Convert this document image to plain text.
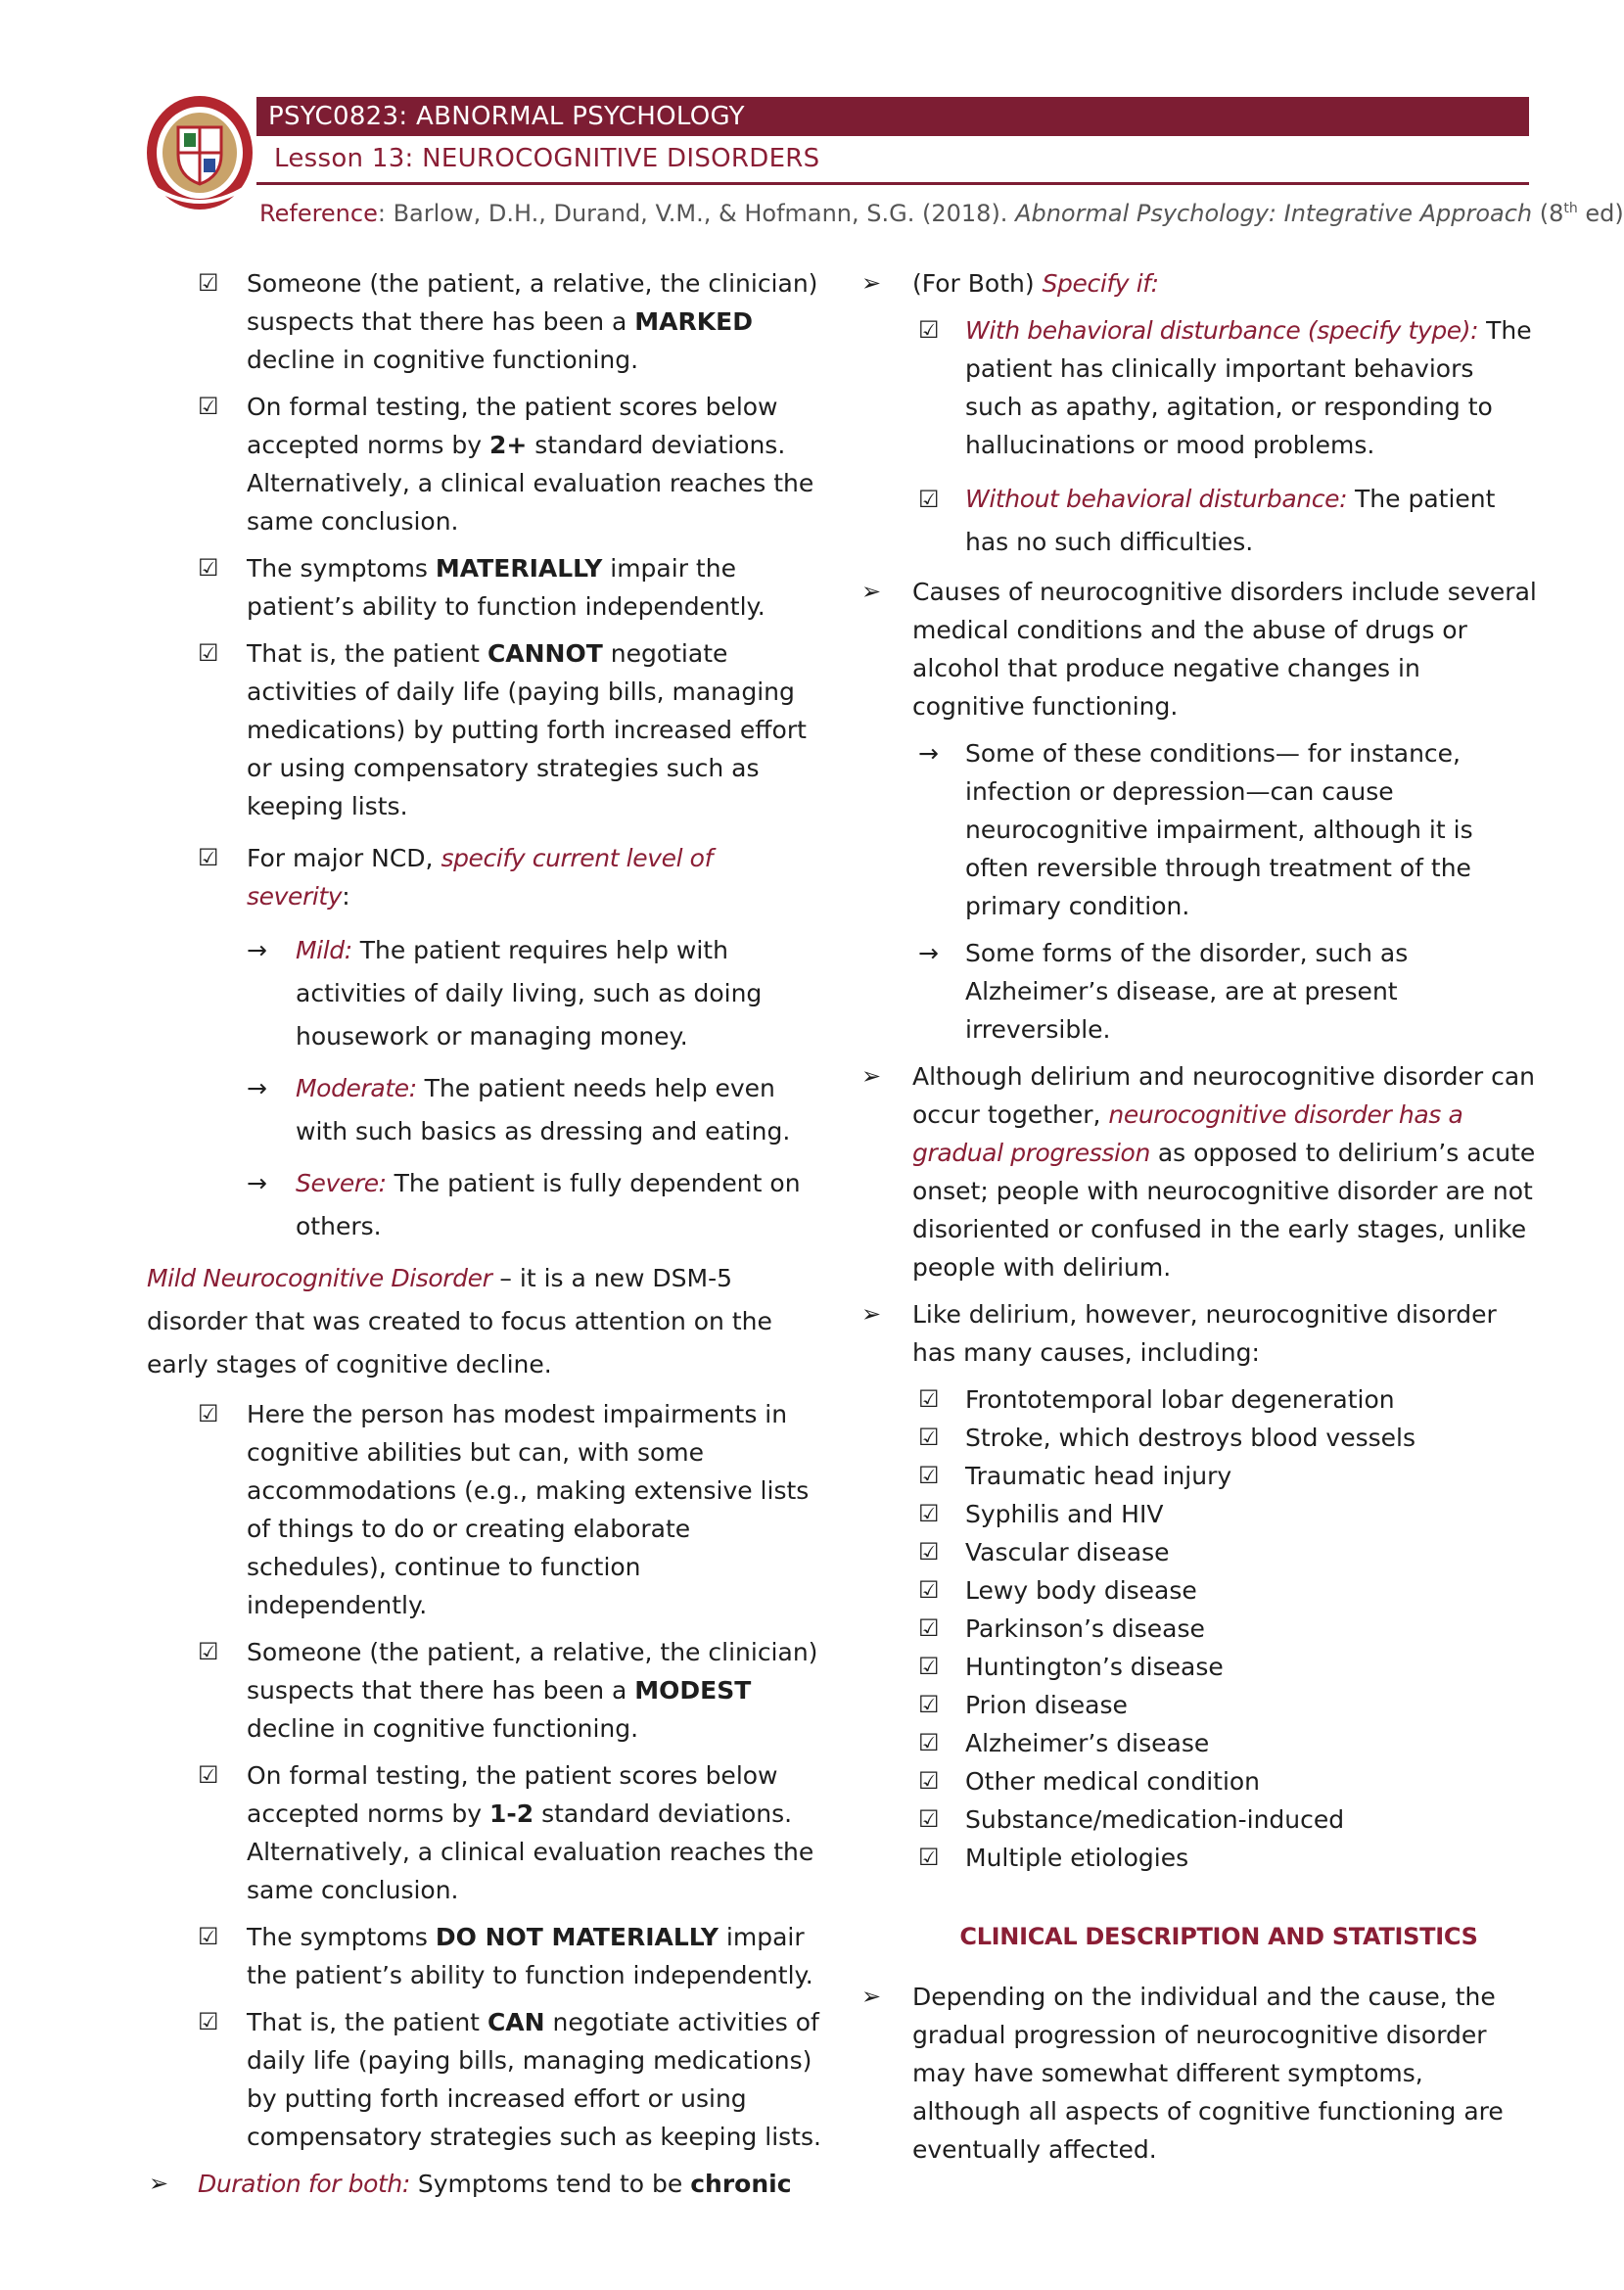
PSYC0823: ABNORMAL PSYCHOLOGY
Lesson 13: NEUROCOGNITIVE DISORDERS
Reference: Barlow, D.H., Durand, V.M., & Hofmann, S.G. (2018). Abnormal Psychology: Integrative Approach (8th ed)
☑ Someone (the patient, a relative, the clinician) suspects that there has been a MARKED decline in cognitive functioning.
☑ On formal testing, the patient scores below accepted norms by 2+ standard deviations. Alternatively, a clinical evaluation reaches the same conclusion.
☑ The symptoms MATERIALLY impair the patient’s ability to function independently.
☑ That is, the patient CANNOT negotiate activities of daily life (paying bills, managing medications) by putting forth increased effort or using compensatory strategies such as keeping lists.
☑ For major NCD, specify current level of severity:
→ Mild: The patient requires help with activities of daily living, such as doing housework or managing money.
→ Moderate: The patient needs help even with such basics as dressing and eating.
→ Severe: The patient is fully dependent on others.
Mild Neurocognitive Disorder – it is a new DSM-5 disorder that was created to focus attention on the early stages of cognitive decline.
☑ Here the person has modest impairments in cognitive abilities but can, with some accommodations (e.g., making extensive lists of things to do or creating elaborate schedules), continue to function independently.
☑ Someone (the patient, a relative, the clinician) suspects that there has been a MODEST decline in cognitive functioning.
☑ On formal testing, the patient scores below accepted norms by 1-2 standard deviations. Alternatively, a clinical evaluation reaches the same conclusion.
☑ The symptoms DO NOT MATERIALLY impair the patient’s ability to function independently.
☑ That is, the patient CAN negotiate activities of daily life (paying bills, managing medications) by putting forth increased effort or using compensatory strategies such as keeping lists.
➢ Duration for both: Symptoms tend to be chronic
➢ (For Both) Specify if:
☑ With behavioral disturbance (specify type): The patient has clinically important behaviors such as apathy, agitation, or responding to hallucinations or mood problems.
☑ Without behavioral disturbance: The patient has no such difficulties.
➢ Causes of neurocognitive disorders include several medical conditions and the abuse of drugs or alcohol that produce negative changes in cognitive functioning.
→ Some of these conditions— for instance, infection or depression—can cause neurocognitive impairment, although it is often reversible through treatment of the primary condition.
→ Some forms of the disorder, such as Alzheimer’s disease, are at present irreversible.
➢ Although delirium and neurocognitive disorder can occur together, neurocognitive disorder has a gradual progression as opposed to delirium’s acute onset; people with neurocognitive disorder are not disoriented or confused in the early stages, unlike people with delirium.
➢ Like delirium, however, neurocognitive disorder has many causes, including:
☑ Frontotemporal lobar degeneration
☑ Stroke, which destroys blood vessels
☑ Traumatic head injury
☑ Syphilis and HIV
☑ Vascular disease
☑ Lewy body disease
☑ Parkinson’s disease
☑ Huntington’s disease
☑ Prion disease
☑ Alzheimer’s disease
☑ Other medical condition
☑ Substance/medication-induced
☑ Multiple etiologies
CLINICAL DESCRIPTION AND STATISTICS
➢ Depending on the individual and the cause, the gradual progression of neurocognitive disorder may have somewhat different symptoms, although all aspects of cognitive functioning are eventually affected.
